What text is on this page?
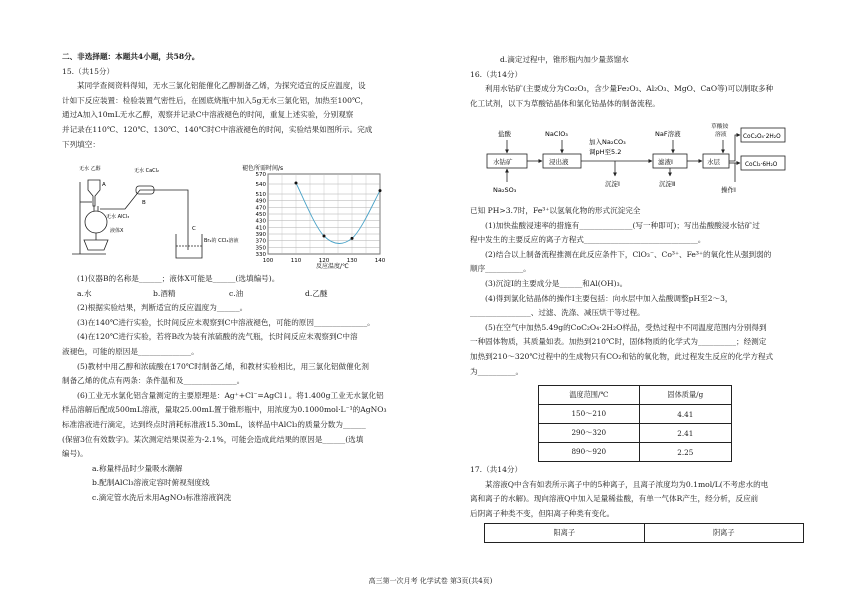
二、非选择题：本题共4小题，共58分。
15.（共15分）
某同学查阅资料得知，无水三氯化铝能催化乙醇制备乙烯，为探究适宜的反应温度，设
计如下反应装置：检验装置气密性后，在圆底烧瓶中加入5g无水三氯化铝，加热至100℃，
通过A加入10mL无水乙醇，观察并记录C中溶液褪色的时间，重复上述实验，分别观察
并记录在110℃、120℃、130℃、140℃时C中溶液褪色的时间，实验结果如图所示。完成
下列填空：
无水 乙醇
A
无水 CaCl₂
B
无水 AlCl₃
液体X	C
Br₂的 CCl₄溶液
褪色所需时间/s
反应温度/℃
330
350
370
390
410
430
450
470
490
510
540
570
100	110	120	130	140
(1)仪器B的名称是______；液体X可能是______(选填编号)。
a.水	b.酒精	c.油	d.乙醚
(2)根据实验结果，判断适宜的反应温度为______。
(3)在140℃进行实验，长时间反应未观察到C中溶液褪色，可能的原因______________。
(4)在120℃进行实验，若将B改为装有浓硫酸的洗气瓶，长时间反应未观察到C中溶
液褪色，可能的原因是______________。
(5)教材中用乙醇和浓硫酸在170℃时制备乙烯，和教材实验相比，用三氯化铝做催化剂
制备乙烯的优点有两条：条件温和及______________。
(6)工业无水氯化铝含量测定的主要原理是：Ag⁺+Cl⁻=AgCl↓。将1.400g工业无水氯化铝
样品溶解后配成500mL溶液，量取25.00mL置于锥形瓶中，用浓度为0.1000mol·L⁻¹的AgNO₃
标准溶液进行滴定，达到终点时消耗标准液15.30mL，该样品中AlCl₃的质量分数为______
(保留3位有效数字)。某次测定结果误差为-2.1%，可能会造成此结果的原因是______(选填
编号)。
a.称量样品时少量吸水潮解
b.配制AlCl₃溶液定容时俯视刻度线
c.滴定管水洗后未用AgNO₃标准溶液润洗
d.滴定过程中，锥形瓶内加少量蒸馏水
16.（共14分）
利用水钴矿(主要成分为Co₂O₃，含少量Fe₂O₃、Al₂O₃、MgO、CaO等)可以制取多种
化工试剂，以下为草酸钴晶体和氯化钴晶体的制备流程。
水钴矿	浸出液	滤液Ⅰ	水层
CoC₂O₄·2H₂O
CoCl₂·6H₂O
盐酸	NaClO₃
加入Na₂CO₃
调pH至5.2
NaF溶液
草酸铵
溶液
Na₂SO₃
沉淀Ⅰ	沉淀Ⅱ
操作Ⅰ
已知 PH>3.7时，Fe³⁺以氢氧化物的形式沉淀完全
(1)加快盐酸浸速率的措施有______________(写一种即可)；写出盐酸酸浸水钴矿过
程中发生的主要反应的离子方程式______________________________。
(2)结合以上制备流程推测在此反应条件下，ClO₃⁻、Co³⁺、Fe³⁺的氧化性从强到弱的
顺序__________。
(3)沉淀Ⅰ的主要成分是______和Al(OH)₃。
(4)得到氯化钴晶体的操作Ⅰ主要包括：向水层中加入盐酸调整pH至2～3，
________________、过滤、洗涤、减压烘干等过程。
(5)在空气中加热5.49g的CoC₂O₄·2H₂O样品，受热过程中不同温度范围内分别得到
一种固体物质，其质量如表。加热到210℃时，固体物质的化学式为__________；经测定
加热到210～320℃过程中的生成物只有CO₂和钴的氧化物，此过程发生反应的化学方程式
为__________。
温度范围/℃	固体质量/g
150～210	4.41
290～320	2.41
890～920	2.25
17.（共14分）
某溶液Q中含有如表所示离子中的5种离子，且离子浓度均为0.1mol/L(不考虑水的电
离和离子的水解)。现向溶液Q中加入足量稀盐酸，有单一气体R产生，经分析，反应前
后阴离子种类不变，但阳离子种类有变化。
阳离子	阴离子
高三第一次月考 化学试卷 第3页(共4页)
